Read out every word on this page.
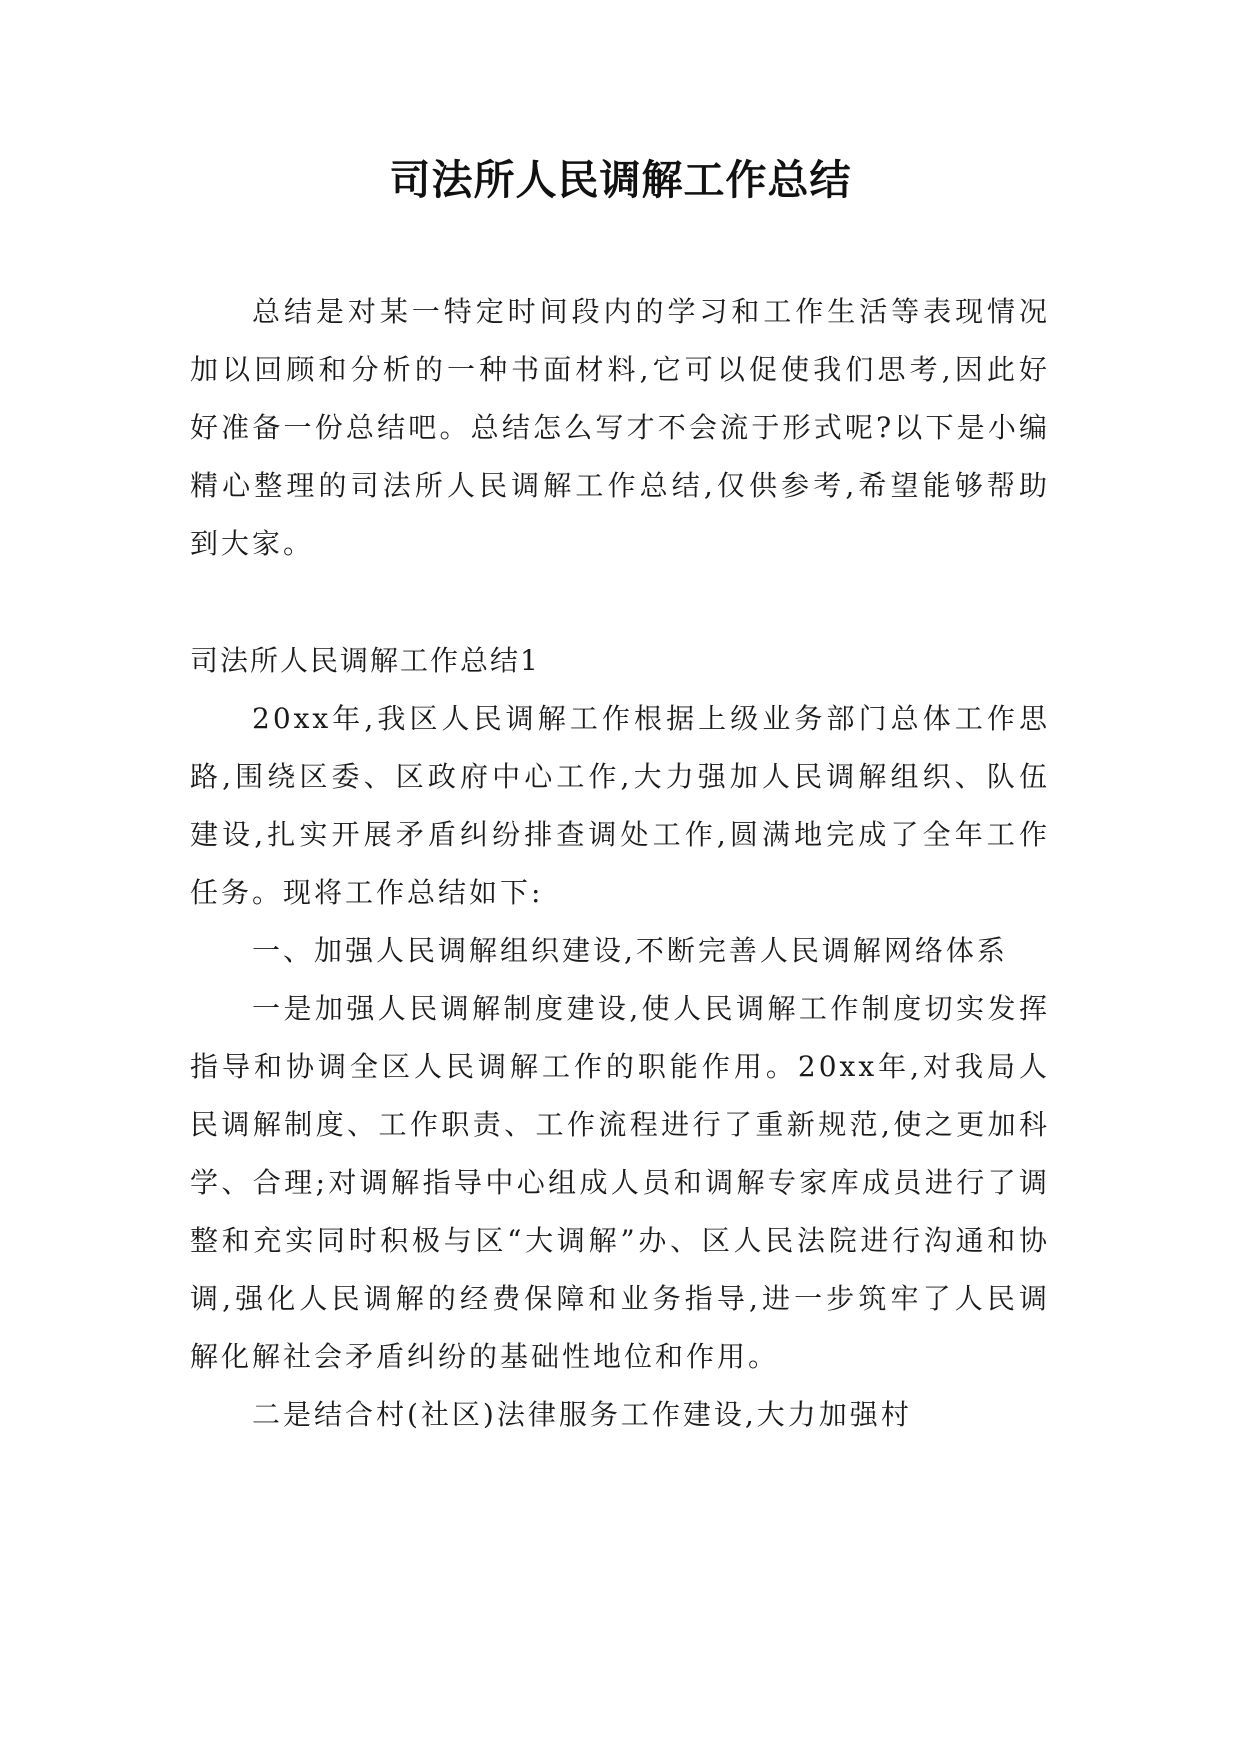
司法所人民调解工作总结

总结是对某一特定时间段内的学习和工作生活等表现情况加以回顾和分析的一种书面材料,它可以促使我们思考,因此好好准备一份总结吧。总结怎么写才不会流于形式呢?以下是小编精心整理的司法所人民调解工作总结,仅供参考,希望能够帮助到大家。

司法所人民调解工作总结1

20xx年,我区人民调解工作根据上级业务部门总体工作思路,围绕区委、区政府中心工作,大力强加人民调解组织、队伍建设,扎实开展矛盾纠纷排查调处工作,圆满地完成了全年工作任务。现将工作总结如下:

一、加强人民调解组织建设,不断完善人民调解网络体系

一是加强人民调解制度建设,使人民调解工作制度切实发挥指导和协调全区人民调解工作的职能作用。20xx年,对我局人民调解制度、工作职责、工作流程进行了重新规范,使之更加科学、合理;对调解指导中心组成人员和调解专家库成员进行了调整和充实同时积极与区“大调解”办、区人民法院进行沟通和协调,强化人民调解的经费保障和业务指导,进一步筑牢了人民调解化解社会矛盾纠纷的基础性地位和作用。

二是结合村(社区)法律服务工作建设,大力加强村
